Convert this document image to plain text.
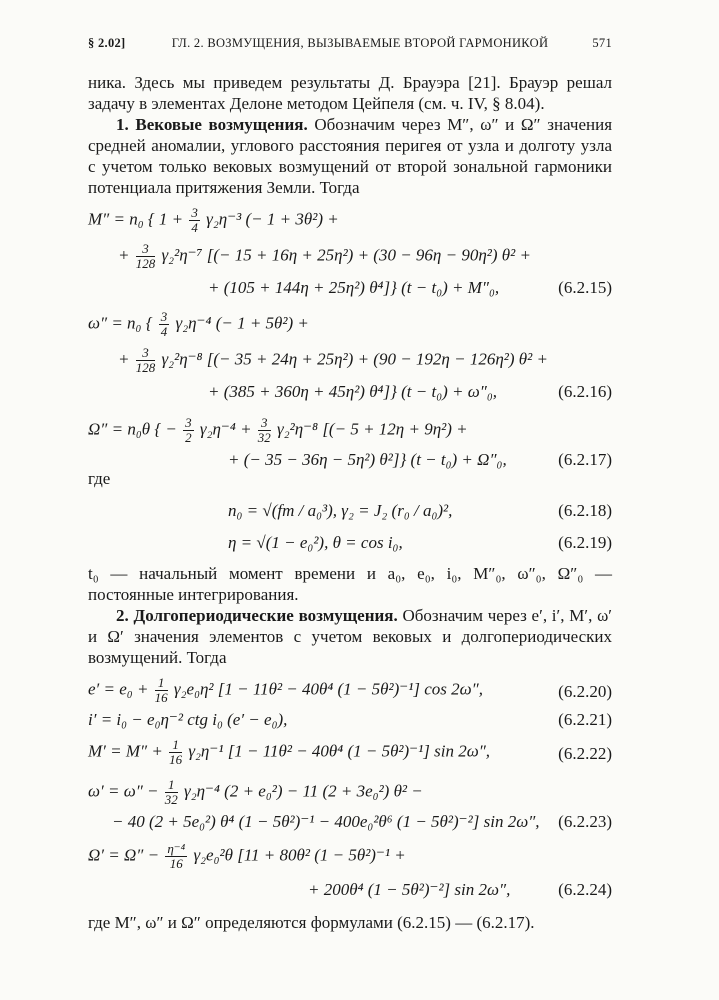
§ 2.02]	ГЛ. 2. ВОЗМУЩЕНИЯ, ВЫЗЫВАЕМЫЕ ВТОРОЙ ГАРМОНИКОЙ	571

ника. Здесь мы приведем результаты Д. Брауэра [21]. Брауэр решал задачу в элементах Делоне методом Цейпеля (см. ч. IV, § 8.04).

1. Вековые возмущения. Обозначим через M″, ω″ и Ω″ значения средней аномалии, углового расстояния перигея от узла и долготу узла с учетом только вековых возмущений от второй зональной гармоники потенциала притяжения Земли. Тогда

M″ = n₀ { $1 + \frac{3}{4} \gamma_2\eta^{-3}$ (− 1 + 3θ²) +
+ $\frac{3}{128} \gamma_2^2\eta^{-7}$ [(− 15 + 16η + 25η²) + (30 − 96η − 90η²) θ² +
+ (105 + 144η + 25η²) θ⁴]} (t − t₀) + M″₀,	(6.2.15)
ω″ = n₀ { $\frac{3}{4} \gamma_2\eta^{-4}$ (− 1 + 5θ²) +
+ $\frac{3}{128} \gamma_2^2\eta^{-8}$ [(− 35 + 24η + 25η²) + (90 − 192η − 126η²) θ² +
+ (385 + 360η + 45η²) θ⁴]} (t − t₀) + ω″₀,	(6.2.16)
Ω″ = n₀θ { − $\frac{3}{2} \gamma_2\eta^{-4} + \frac{3}{32} \gamma_2^2\eta^{-8}$ [(− 5 + 12η + 9η²) +
+ (− 35 − 36η − 5η²) θ²]} (t − t₀) + Ω″₀,	(6.2.17)

где

n₀ = √(fm / a₀³), γ₂ = J₂ (r₀ / a₀)²,	(6.2.18)
η = √(1 − e₀²), θ = cos i₀,	(6.2.19)

t₀ — начальный момент времени и a₀, e₀, i₀, M″₀, ω″₀, Ω″₀ — постоянные интегрирования.

2. Долгопериодические возмущения. Обозначим через e′, i′, M′, ω′ и Ω′ значения элементов с учетом вековых и долгопериодических возмущений. Тогда

$e' = e_0 + \frac{1}{16} \gamma_2e_0\eta^2$ [1 − 11θ² − 40θ⁴ (1 − 5θ²)⁻¹] cos 2ω″,	(6.2.20)
i′ = i₀ − e₀η⁻² ctg i₀ (e′ − e₀),	(6.2.21)
$M' = M'' + \frac{1}{16} \gamma_2\eta^{-1}$ [1 − 11θ² − 40θ⁴ (1 − 5θ²)⁻¹] sin 2ω″,	(6.2.22)
$\omega' = \omega'' - \frac{1}{32} \gamma_2\eta^{-4}$ (2 + e₀²) − 11 (2 + 3e₀²) θ² −
− 40 (2 + 5e₀²) θ⁴ (1 − 5θ²)⁻¹ − 400e₀²θ⁶ (1 − 5θ²)⁻²] sin 2ω″, (6.2.23)
$\Omega' = \Omega'' - \frac{\text{η⁻⁴}}{16} \gamma_2e_0^2\theta$ [11 + 80θ² (1 − 5θ²)⁻¹ +
+ 200θ⁴ (1 − 5θ²)⁻²] sin 2ω″,	(6.2.24)

где M″, ω″ и Ω″ определяются формулами (6.2.15) — (6.2.17).
